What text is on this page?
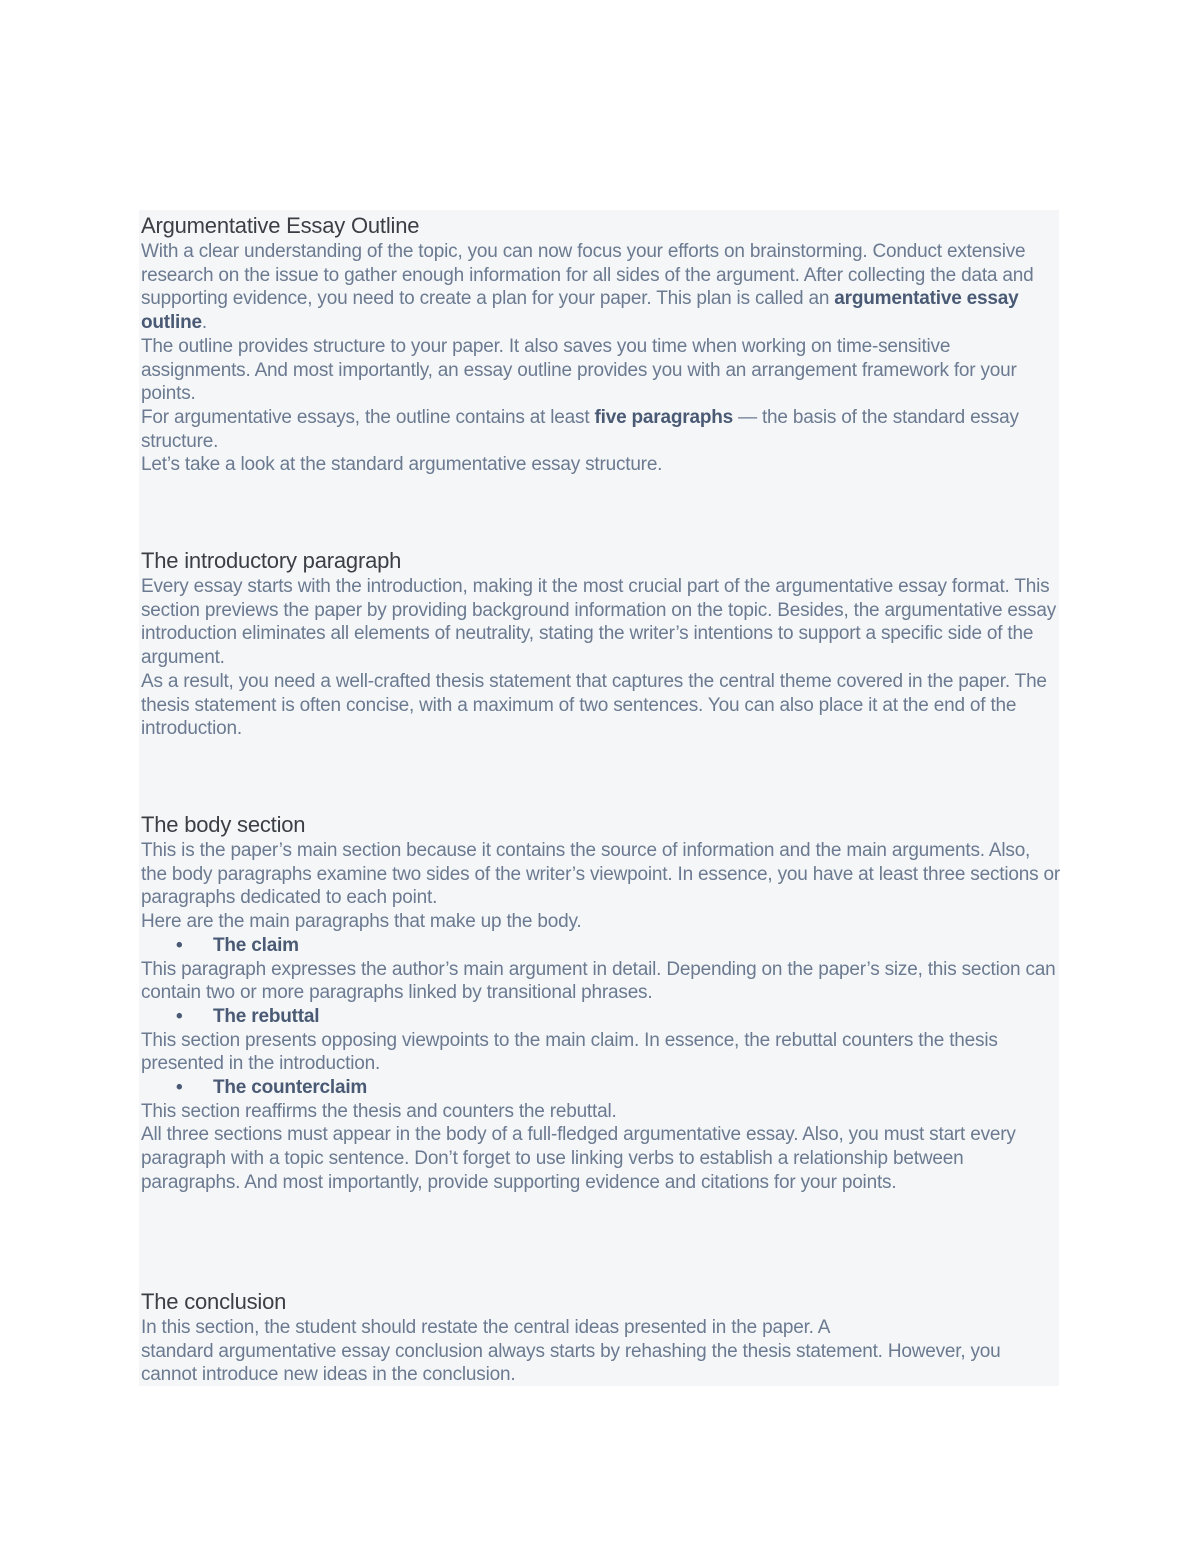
Argumentative Essay Outline

With a clear understanding of the topic, you can now focus your efforts on brainstorming. Conduct extensive research on the issue to gather enough information for all sides of the argument. After collecting the data and supporting evidence, you need to create a plan for your paper. This plan is called an argumentative essay outline.

The outline provides structure to your paper. It also saves you time when working on time-sensitive assignments. And most importantly, an essay outline provides you with an arrangement framework for your points.

For argumentative essays, the outline contains at least five paragraphs — the basis of the standard essay structure.

Let’s take a look at the standard argumentative essay structure.

The introductory paragraph

Every essay starts with the introduction, making it the most crucial part of the argumentative essay format. This section previews the paper by providing background information on the topic. Besides, the argumentative essay introduction eliminates all elements of neutrality, stating the writer’s intentions to support a specific side of the argument.

As a result, you need a well-crafted thesis statement that captures the central theme covered in the paper. The thesis statement is often concise, with a maximum of two sentences. You can also place it at the end of the introduction.

The body section

This is the paper’s main section because it contains the source of information and the main arguments. Also, the body paragraphs examine two sides of the writer’s viewpoint. In essence, you have at least three sections or paragraphs dedicated to each point.

Here are the main paragraphs that make up the body.

• The claim

This paragraph expresses the author’s main argument in detail. Depending on the paper’s size, this section can contain two or more paragraphs linked by transitional phrases.

• The rebuttal

This section presents opposing viewpoints to the main claim. In essence, the rebuttal counters the thesis presented in the introduction.

• The counterclaim

This section reaffirms the thesis and counters the rebuttal.

All three sections must appear in the body of a full-fledged argumentative essay. Also, you must start every paragraph with a topic sentence. Don’t forget to use linking verbs to establish a relationship between paragraphs. And most importantly, provide supporting evidence and citations for your points.

The conclusion

In this section, the student should restate the central ideas presented in the paper. A

standard argumentative essay conclusion always starts by rehashing the thesis statement. However, you cannot introduce new ideas in the conclusion.
